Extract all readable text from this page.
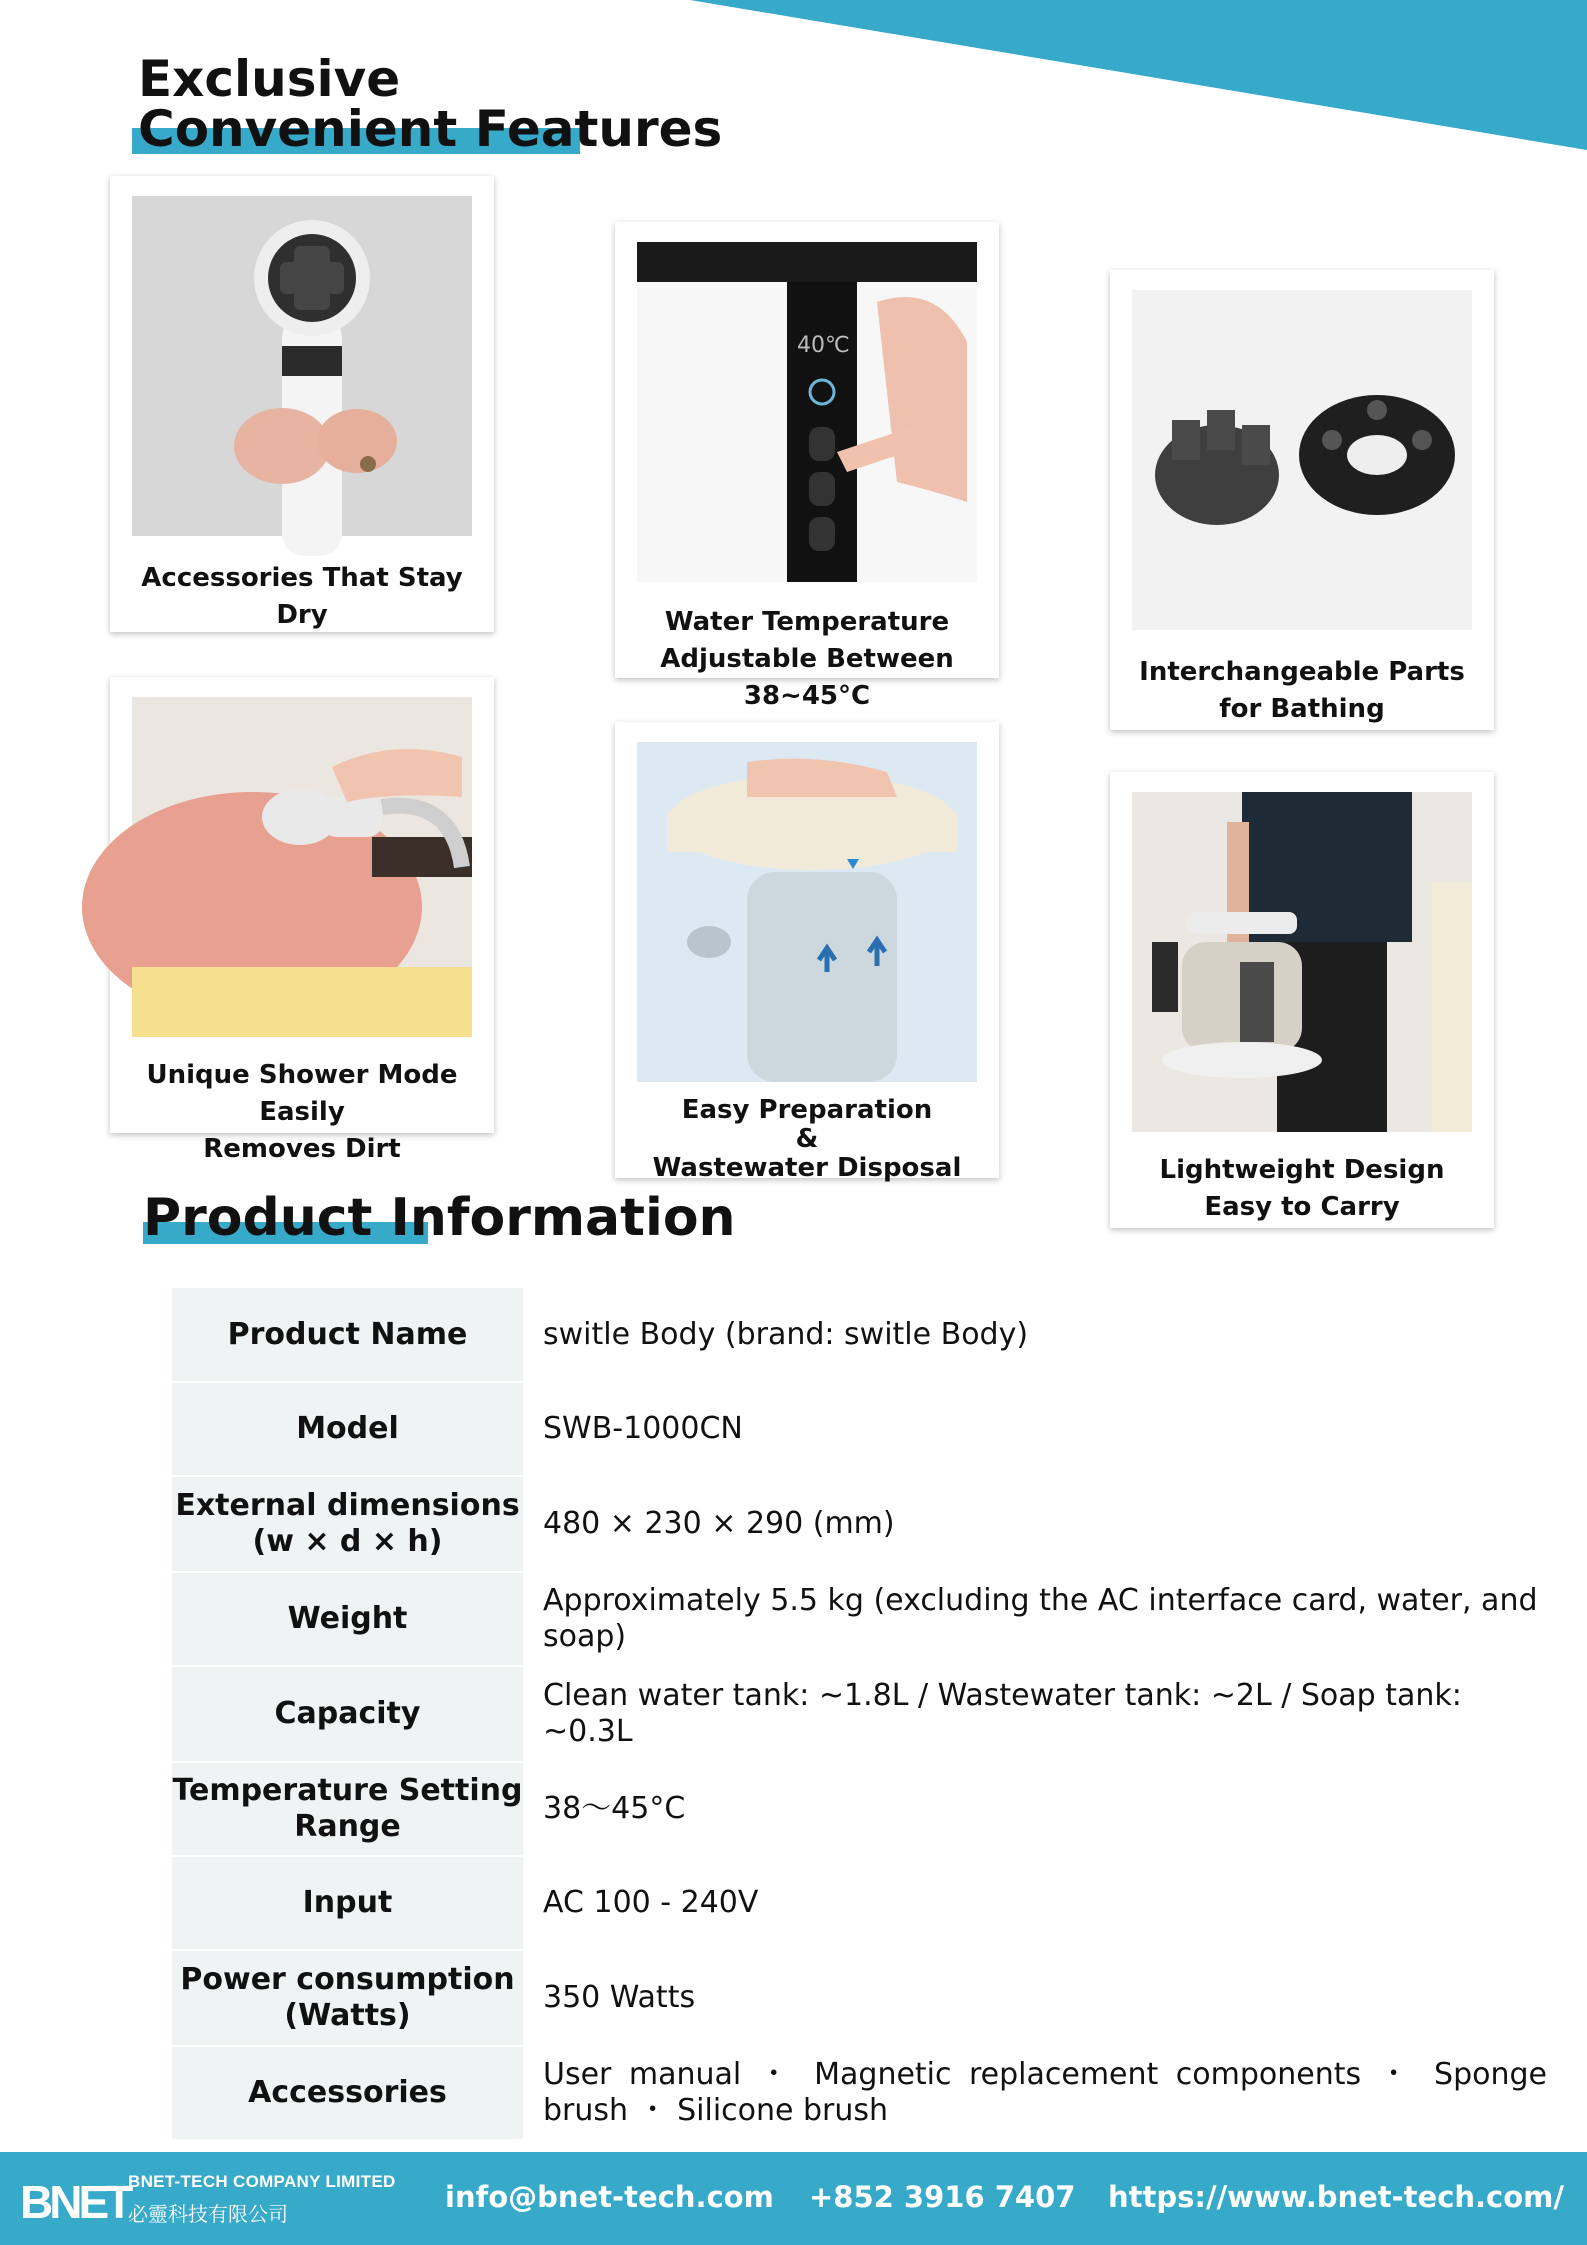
Exclusive
Convenient Features
Accessories That Stay Dry
40℃
Water Temperature
Adjustable Between 38~45°C
Interchangeable Parts
for Bathing
Unique Shower Mode Easily
Removes Dirt
Easy Preparation
&
Wastewater Disposal	Lightweight Design
Easy to Carry
Product Information
Product Name	switle Body (brand: switle Body)
Model	SWB-1000CN
External dimensions
(w × d × h)	480 × 230 × 290 (mm)
Weight	Approximately 5.5 kg (excluding the AC interface card, water, and soap)
Capacity	Clean water tank: ~1.8L / Wastewater tank: ~2L / Soap tank: ~0.3L
Temperature Setting
Range	38～45°C
Input	AC 100 - 240V
Power consumption
(Watts)	350 Watts
Accessories	User manual ・ Magnetic replacement components ・ Sponge brush ・ Silicone brush
BNET
BNET-TECH COMPANY LIMITED
必靈科技有限公司	info@bnet-tech.com +852 3916 7407 https://www.bnet-tech.com/
